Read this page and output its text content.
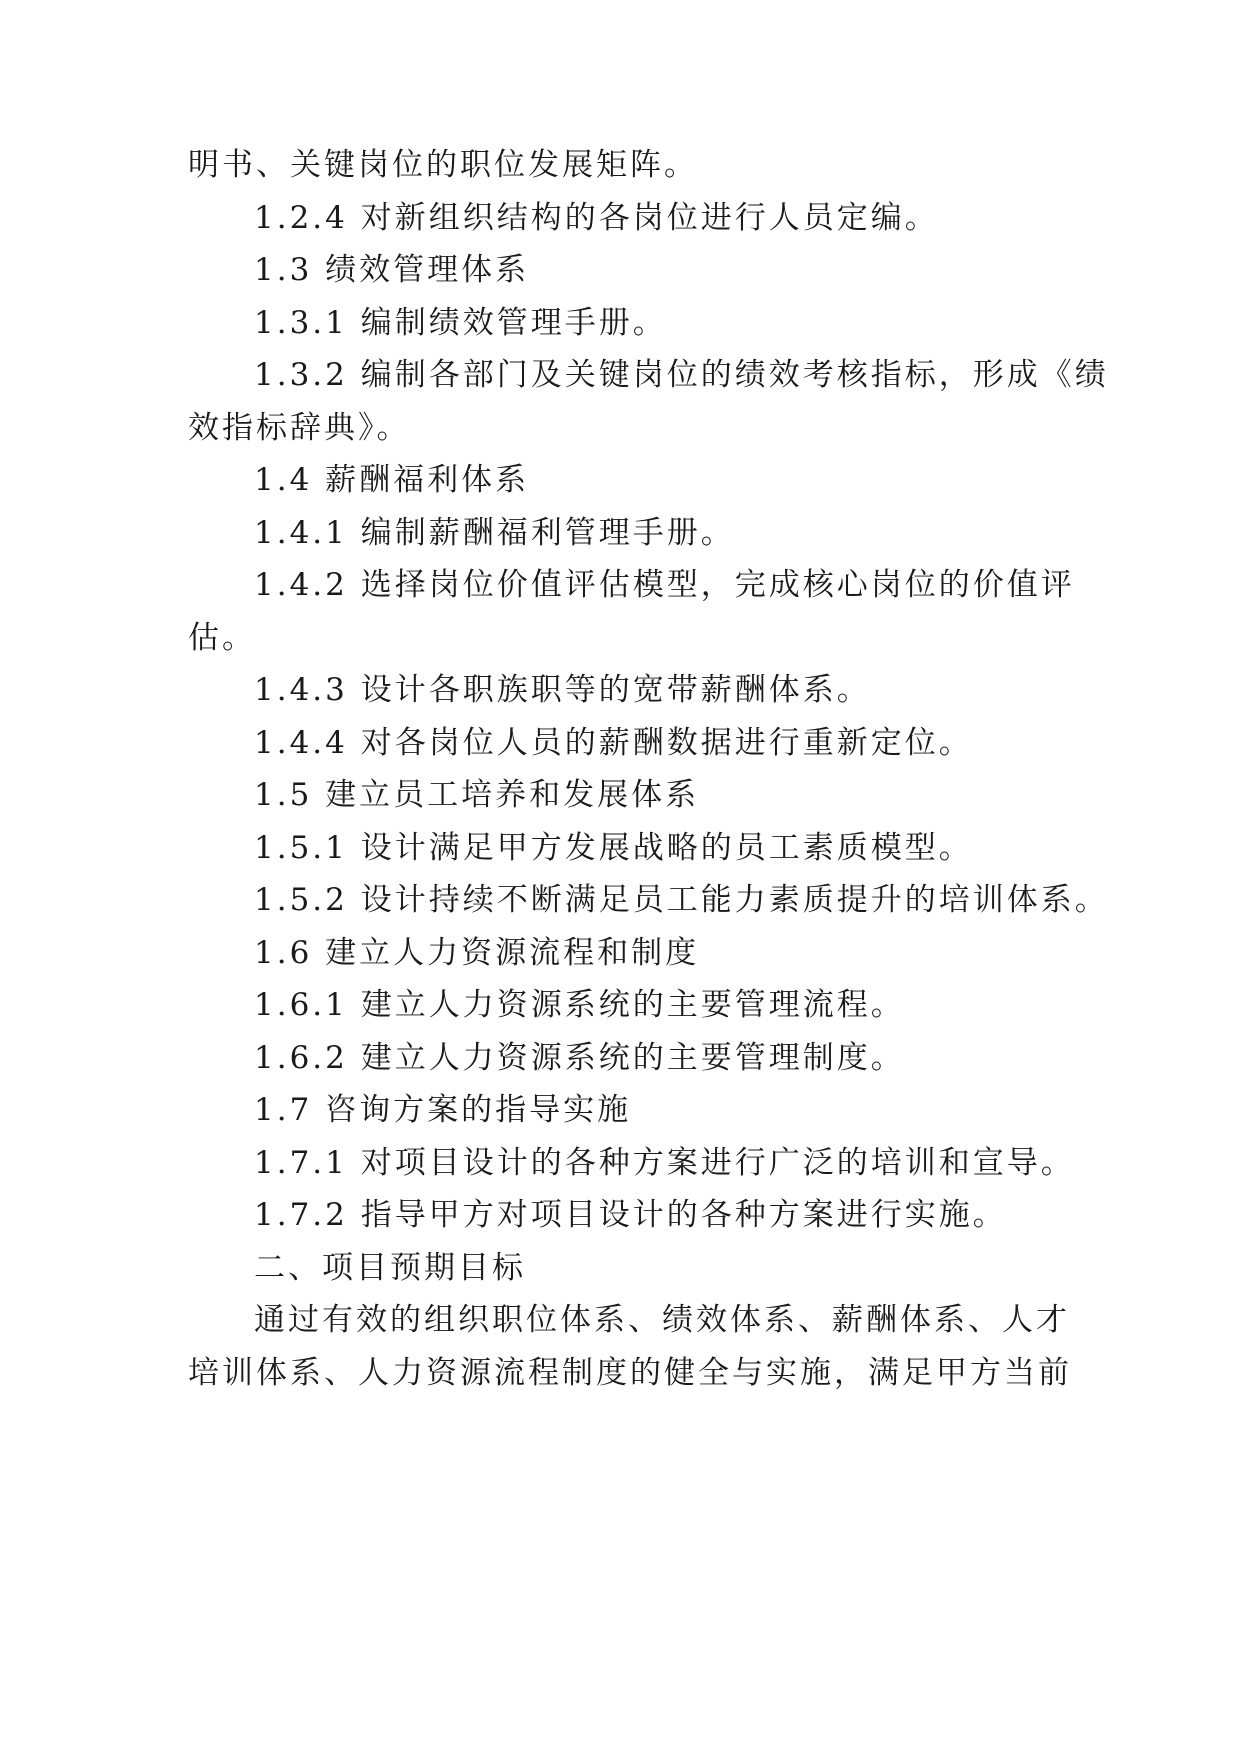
明书、关键岗位的职位发展矩阵。
1.2.4 对新组织结构的各岗位进行人员定编。
1.3 绩效管理体系
1.3.1 编制绩效管理手册。
1.3.2 编制各部门及关键岗位的绩效考核指标，形成《绩
效指标辞典》。
1.4 薪酬福利体系
1.4.1 编制薪酬福利管理手册。
1.4.2 选择岗位价值评估模型，完成核心岗位的价值评
估。
1.4.3 设计各职族职等的宽带薪酬体系。
1.4.4 对各岗位人员的薪酬数据进行重新定位。
1.5 建立员工培养和发展体系
1.5.1 设计满足甲方发展战略的员工素质模型。
1.5.2 设计持续不断满足员工能力素质提升的培训体系。
1.6 建立人力资源流程和制度
1.6.1 建立人力资源系统的主要管理流程。
1.6.2 建立人力资源系统的主要管理制度。
1.7 咨询方案的指导实施
1.7.1 对项目设计的各种方案进行广泛的培训和宣导。
1.7.2 指导甲方对项目设计的各种方案进行实施。
二、项目预期目标
通过有效的组织职位体系、绩效体系、薪酬体系、人才
培训体系、人力资源流程制度的健全与实施，满足甲方当前
